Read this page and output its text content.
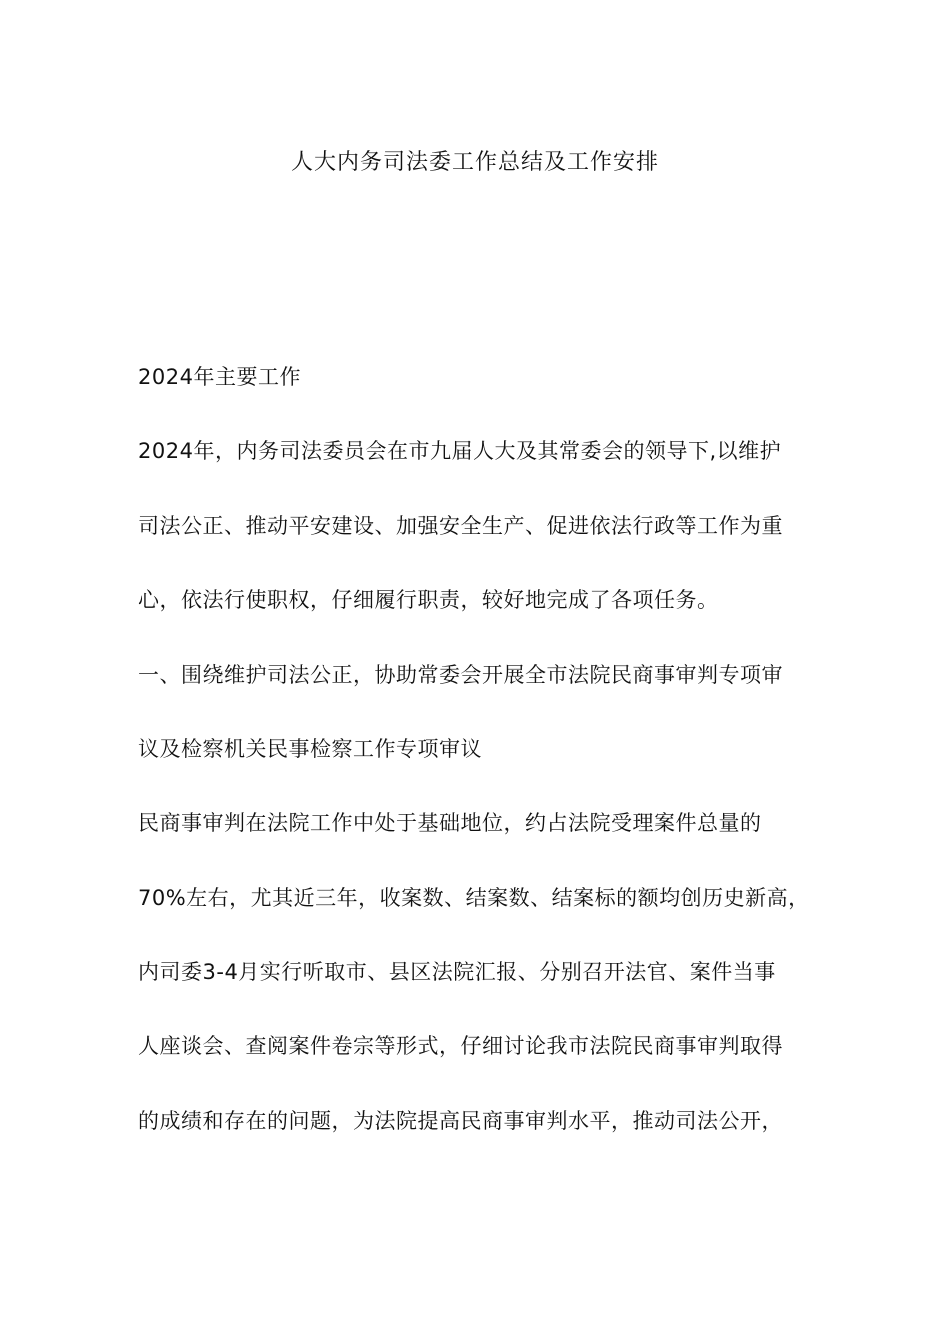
人大内务司法委工作总结及工作安排
2024年主要工作
2024年，内务司法委员会在市九届人大及其常委会的领导下,以维护
司法公正、推动平安建设、加强安全生产、促进依法行政等工作为重
心，依法行使职权，仔细履行职责，较好地完成了各项任务。
一、围绕维护司法公正，协助常委会开展全市法院民商事审判专项审
议及检察机关民事检察工作专项审议
民商事审判在法院工作中处于基础地位，约占法院受理案件总量的
70%左右，尤其近三年，收案数、结案数、结案标的额均创历史新高，
内司委3-4月实行听取市、县区法院汇报、分别召开法官、案件当事
人座谈会、查阅案件卷宗等形式，仔细讨论我市法院民商事审判取得
的成绩和存在的问题，为法院提高民商事审判水平，推动司法公开，
